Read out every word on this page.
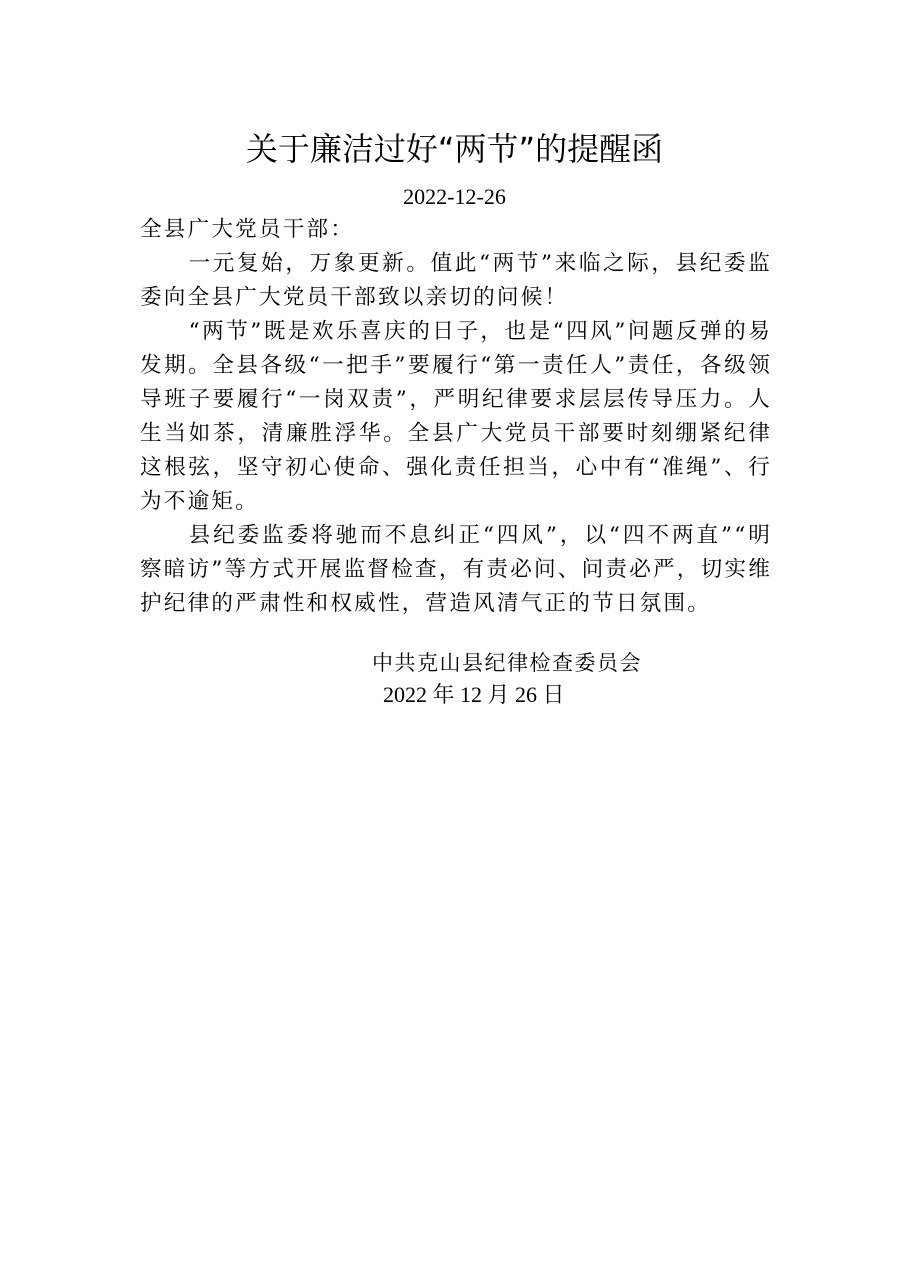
关于廉洁过好“两节”的提醒函
2022-12-26

全县广大党员干部：

一元复始，万象更新。值此“两节”来临之际，县纪委监委向全县广大党员干部致以亲切的问候！

“两节”既是欢乐喜庆的日子，也是“四风”问题反弹的易发期。全县各级“一把手”要履行“第一责任人”责任，各级领导班子要履行“一岗双责”，严明纪律要求层层传导压力。人生当如茶，清廉胜浮华。全县广大党员干部要时刻绷紧纪律这根弦，坚守初心使命、强化责任担当，心中有“准绳”、行为不逾矩。

县纪委监委将驰而不息纠正“四风”，以“四不两直”“明察暗访”等方式开展监督检查，有责必问、问责必严，切实维护纪律的严肃性和权威性，营造风清气正的节日氛围。

中共克山县纪律检查委员会
2022 年 12 月 26 日
